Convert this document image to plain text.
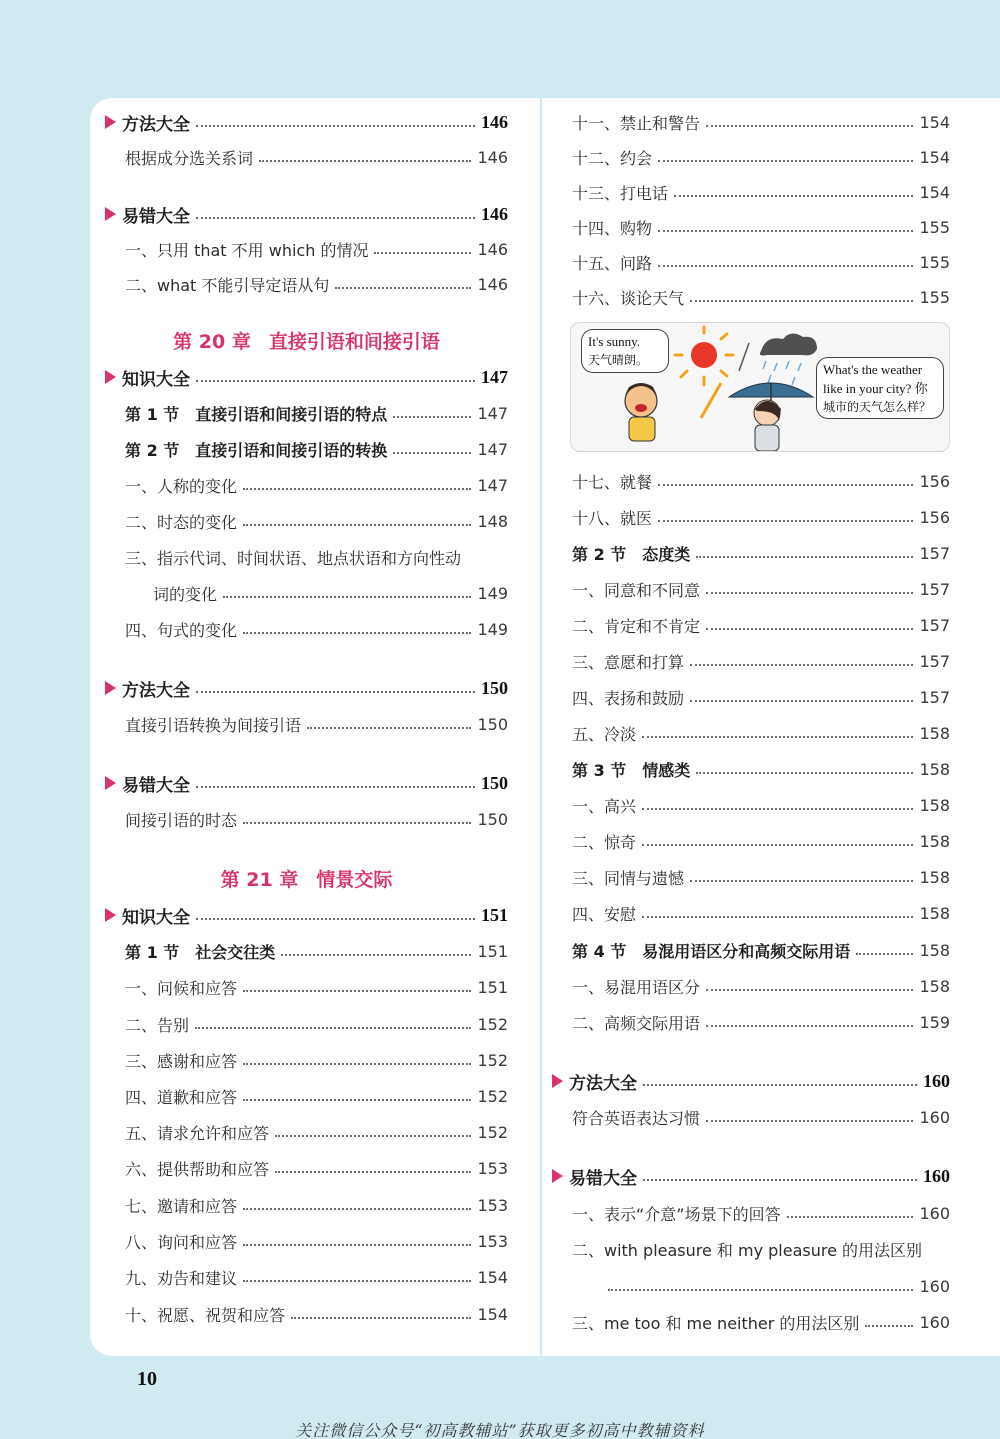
方法大全	146
根据成分选关系词	146
易错大全	146
一、只用 that 不用 which 的情况	146
二、what 不能引导定语从句	146
第 20 章 直接引语和间接引语
知识大全	147
第 1 节　直接引语和间接引语的特点	147
第 2 节　直接引语和间接引语的转换	147
一、人称的变化	147
二、时态的变化	148
三、指示代词、时间状语、地点状语和方向性动
词的变化	149
四、句式的变化	149
方法大全	150
直接引语转换为间接引语	150
易错大全	150
间接引语的时态	150
第 21 章 情景交际
知识大全	151
第 1 节　社会交往类	151
一、问候和应答	151
二、告别	152
三、感谢和应答	152
四、道歉和应答	152
五、请求允许和应答	152
六、提供帮助和应答	153
七、邀请和应答	153
八、询问和应答	153
九、劝告和建议	154
十、祝愿、祝贺和应答	154
十一、禁止和警告	154
十二、约会	154
十三、打电话	154
十四、购物	155
十五、问路	155
十六、谈论天气	155
十七、就餐	156
十八、就医	156
第 2 节　态度类	157
一、同意和不同意	157
二、肯定和不肯定	157
三、意愿和打算	157
四、表扬和鼓励	157
五、冷淡	158
第 3 节　情感类	158
一、高兴	158
二、惊奇	158
三、同情与遗憾	158
四、安慰	158
第 4 节　易混用语区分和高频交际用语	158
一、易混用语区分	158
二、高频交际用语	159
方法大全	160
符合英语表达习惯	160
易错大全	160
一、表示“介意”场景下的回答	160
二、with pleasure 和 my pleasure 的用法区别
160
三、me too 和 me neither 的用法区别	160
It's sunny.
天气晴朗。
What's the weather
like in your city? 你
城市的天气怎么样？
10
关注微信公众号“初高教辅站”获取更多初高中教辅资料
